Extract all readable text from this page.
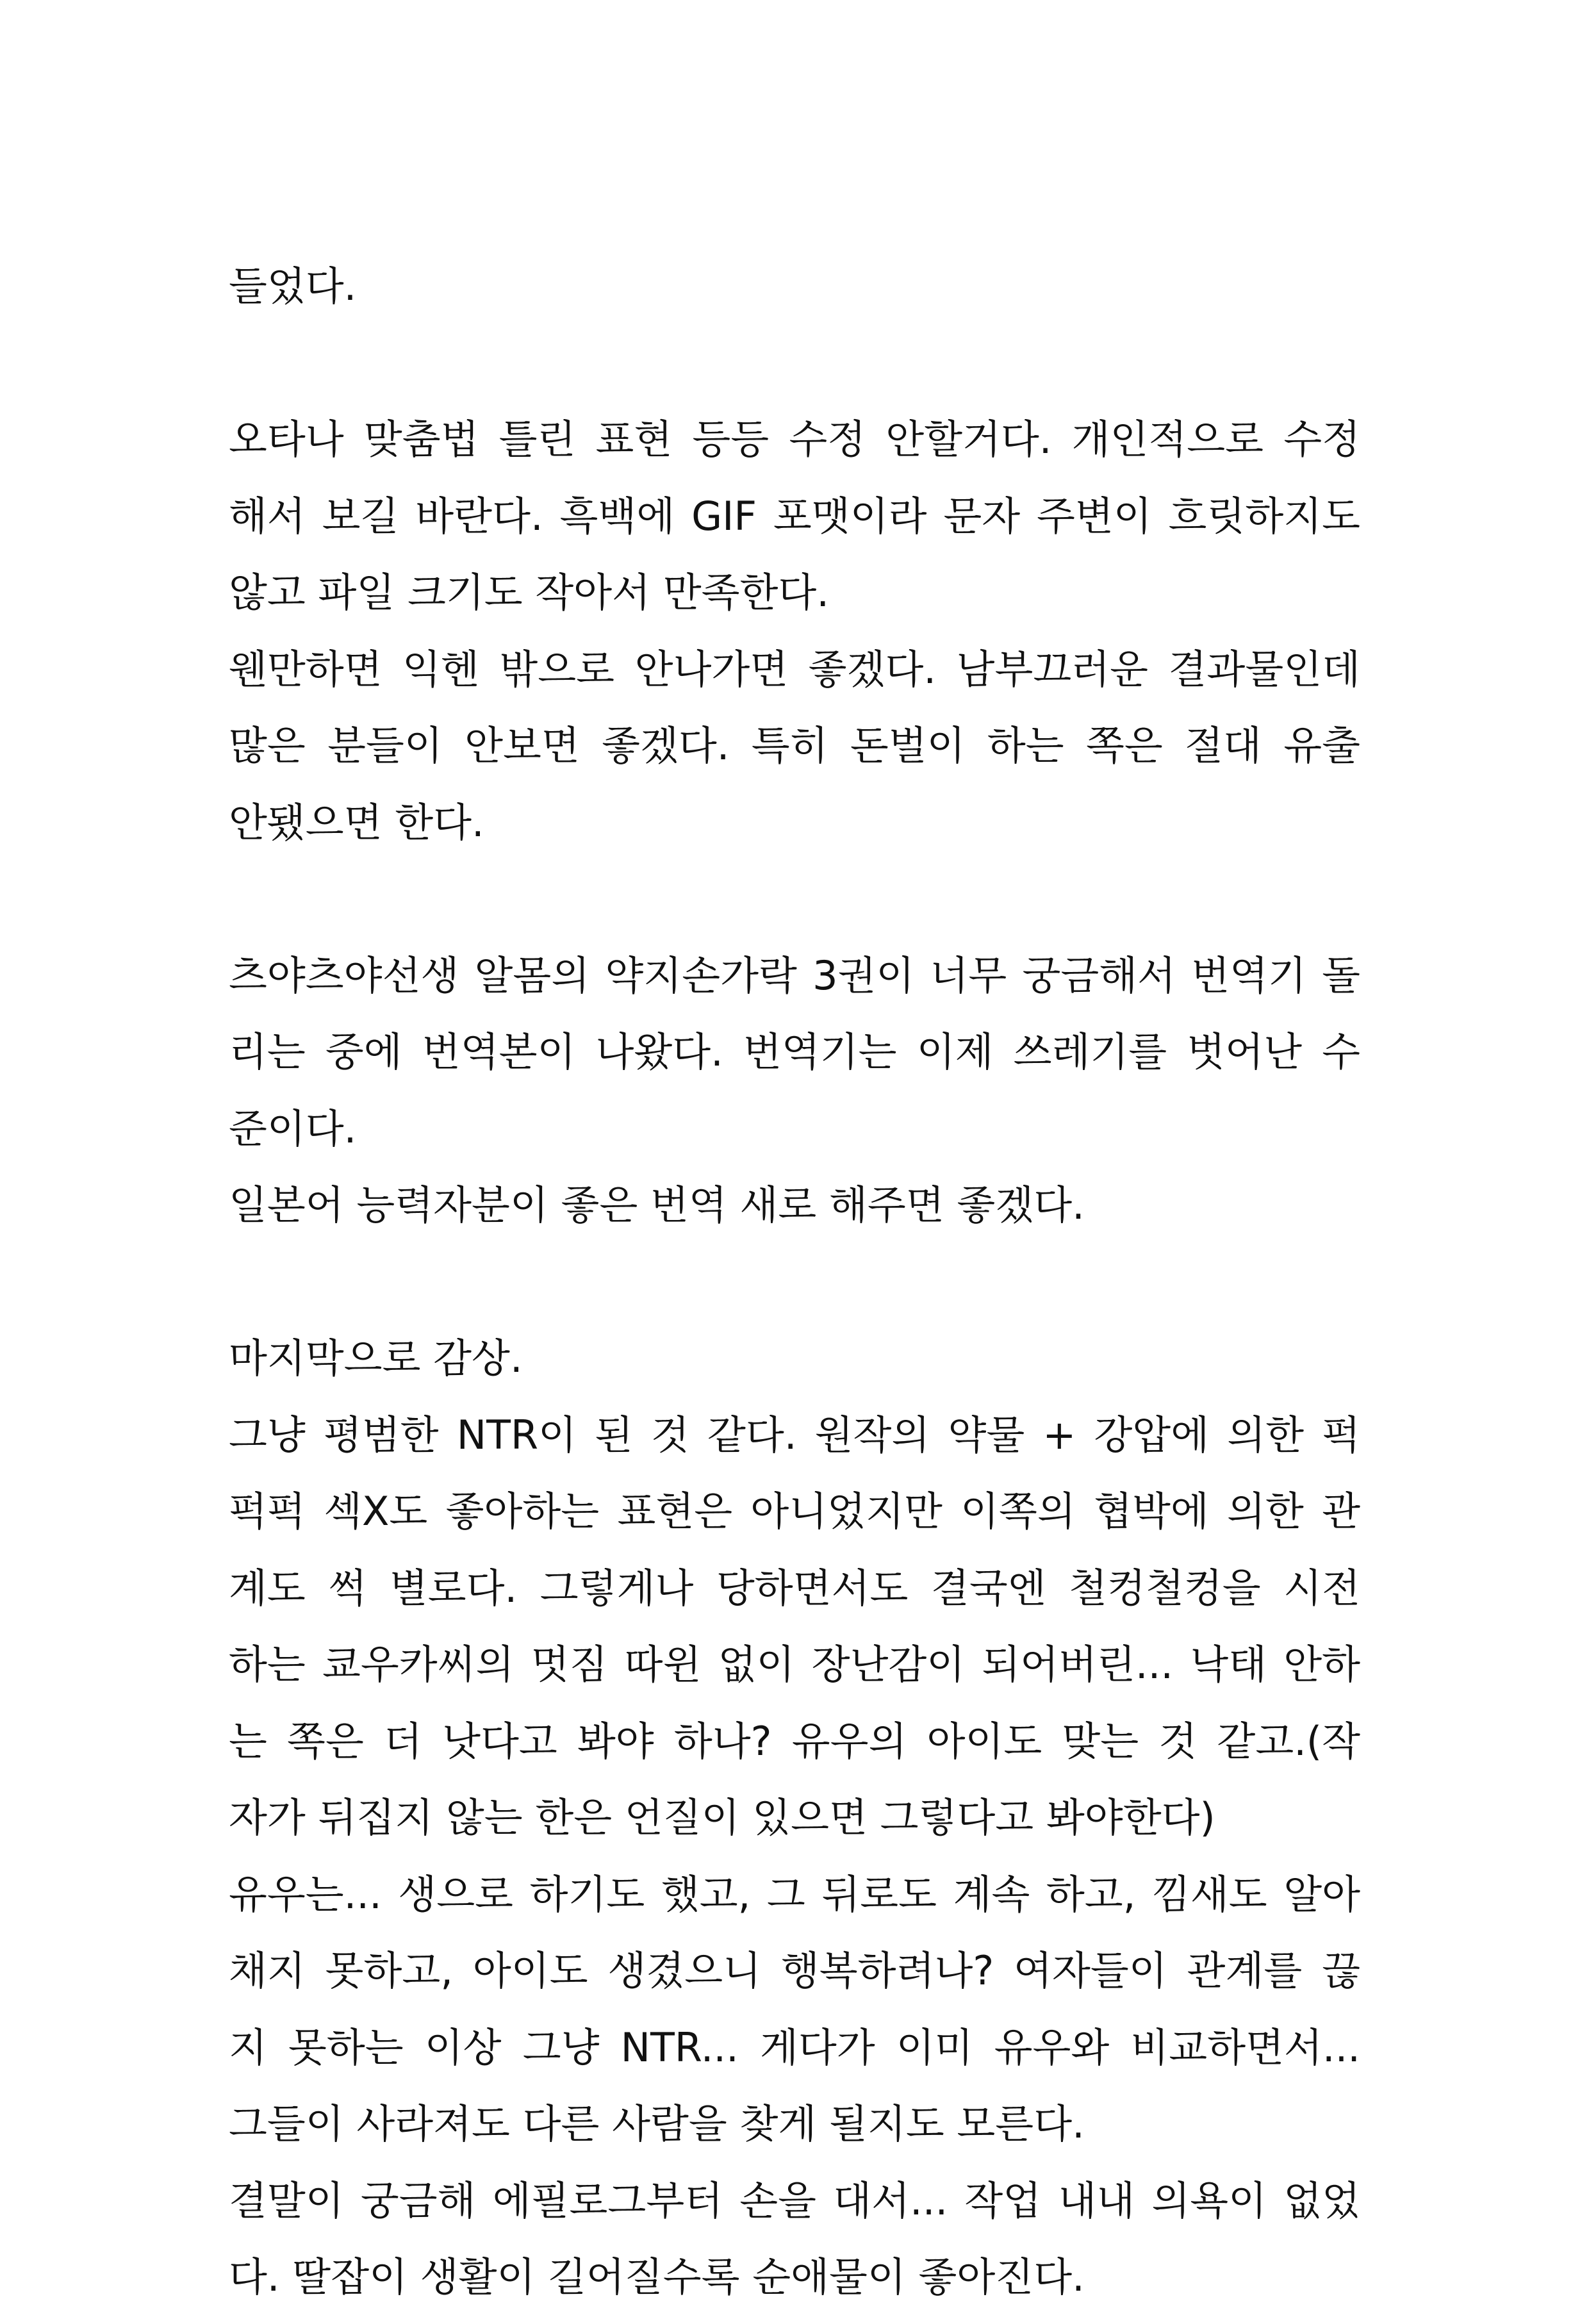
들었다.
오타나 맞춤법 틀린 표현 등등 수정 안할거다. 개인적으로 수정
해서 보길 바란다. 흑백에 GIF 포맷이라 문자 주변이 흐릿하지도
않고 파일 크기도 작아서 만족한다.
웬만하면 익헨 밖으로 안나가면 좋겠다. 남부끄러운 결과물인데
많은 분들이 안보면 좋겠다. 특히 돈벌이 하는 쪽은 절대 유출
안됐으면 한다.
츠야츠야선생 알몸의 약지손가락 3권이 너무 궁금해서 번역기 돌
리는 중에 번역본이 나왔다. 번역기는 이제 쓰레기를 벗어난 수
준이다.
일본어 능력자분이 좋은 번역 새로 해주면 좋겠다.
마지막으로 감상.
그냥 평범한 NTR이 된 것 같다. 원작의 약물 + 강압에 의한 퍽
퍽퍽 섹X도 좋아하는 표현은 아니었지만 이쪽의 협박에 의한 관
계도 썩 별로다. 그렇게나 당하면서도 결국엔 철컹철컹을 시전
하는 쿄우카씨의 멋짐 따윈 없이 장난감이 되어버린... 낙태 안하
는 쪽은 더 낫다고 봐야 하나? 유우의 아이도 맞는 것 같고.(작
자가 뒤집지 않는 한은 언질이 있으면 그렇다고 봐야한다)
유우는... 생으로 하기도 했고, 그 뒤로도 계속 하고, 낌새도 알아
채지 못하고, 아이도 생겼으니 행복하려나? 여자들이 관계를 끊
지 못하는 이상 그냥 NTR... 게다가 이미 유우와 비교하면서...
그들이 사라져도 다른 사람을 찾게 될지도 모른다.
결말이 궁금해 에필로그부터 손을 대서... 작업 내내 의욕이 없었
다. 딸잡이 생활이 길어질수록 순애물이 좋아진다.
